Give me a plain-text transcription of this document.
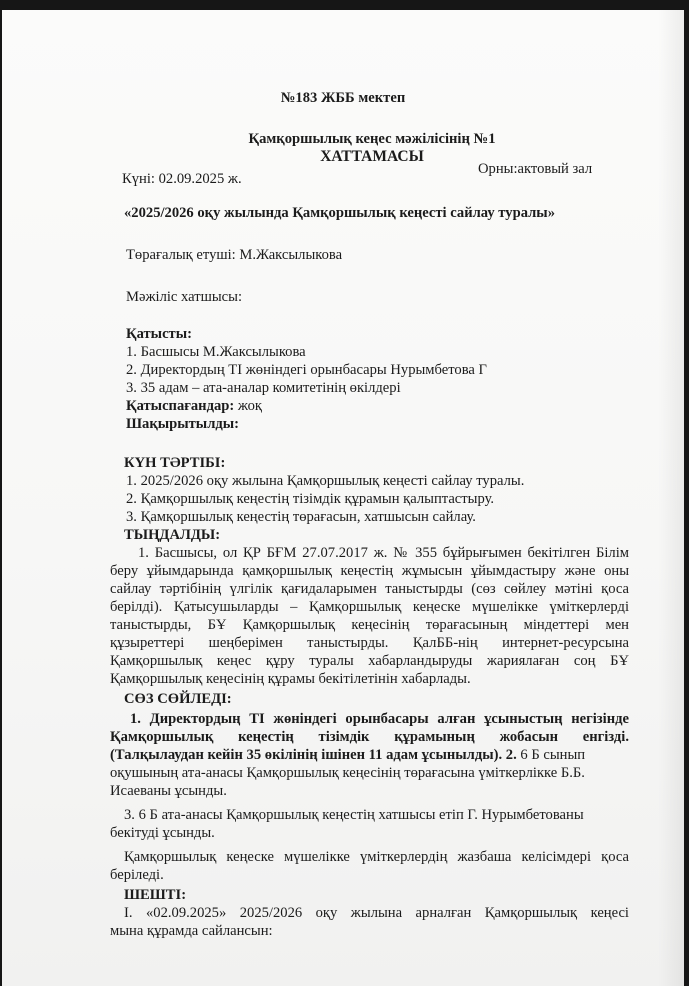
№183 ЖББ мектеп
Қамқоршылық кеңес мәжілісінің №1
ХАТТАМАСЫ
Күні: 02.09.2025 ж.
Орны:актовый зал
«2025/2026 оқу жылында Қамқоршылық кеңесті сайлау туралы»
Төрағалық етуші: М.Жаксылыкова
Мәжіліс хатшысы:
Қатысты:
1. Басшысы М.Жаксылыкова
2. Директордың ТІ жөніндегі орынбасары Нурымбетова Г
3. 35 адам – ата-аналар комитетінің өкілдері
Қатыспағандар: жоқ
Шақырытылды:
КҮН ТӘРТІБІ:
1. 2025/2026 оқу жылына Қамқоршылық кеңесті сайлау туралы.
2. Қамқоршылық кеңестің тізімдік құрамын қалыптастыру.
3. Қамқоршылық кеңестің төрағасын, хатшысын сайлау.
ТЫҢДАЛДЫ:
1. Басшысы, ол ҚР БҒМ 27.07.2017 ж. № 355 бұйрығымен бекітілген Білім
беру ұйымдарында қамқоршылық кеңестің жұмысын ұйымдастыру және оны
сайлау тәртібінің үлгілік қағидаларымен таныстырды (сөз сөйлеу мәтіні қоса
берілді). Қатысушыларды – Қамқоршылық кеңеске мүшелікке үміткерлерді
таныстырды, БҰ Қамқоршылық кеңесінің төрағасының міндеттері мен
құзыреттері шеңберімен таныстырды. ҚалББ-нің интернет-ресурсына
Қамқоршылық кеңес құру туралы хабарландыруды жариялаған соң БҰ
Қамқоршылық кеңесінің құрамы бекітілетінін хабарлады.
СӨЗ СӨЙЛЕДІ:
1. Директордың ТІ жөніндегі орынбасары алған ұсыныстың негізінде
Қамқоршылық кеңестің тізімдік құрамының жобасын енгізді.
(Талқылаудан кейін 35 өкілінің ішінен 11 адам ұсынылды). 2. 6 Б сынып
оқушының ата-анасы Қамқоршылық кеңесінің төрағасына үміткерлікке Б.Б.
Исаеваны ұсынды.
3. 6 Б ата-анасы Қамқоршылық кеңестің хатшысы етіп Г. Нурымбетованы
бекітуді ұсынды.
Қамқоршылық кеңеске мүшелікке үміткерлердің жазбаша келісімдері қоса
беріледі.
ШЕШТІ:
I. «02.09.2025» 2025/2026 оқу жылына арналған Қамқоршылық кеңесі
мына құрамда сайлансын:
